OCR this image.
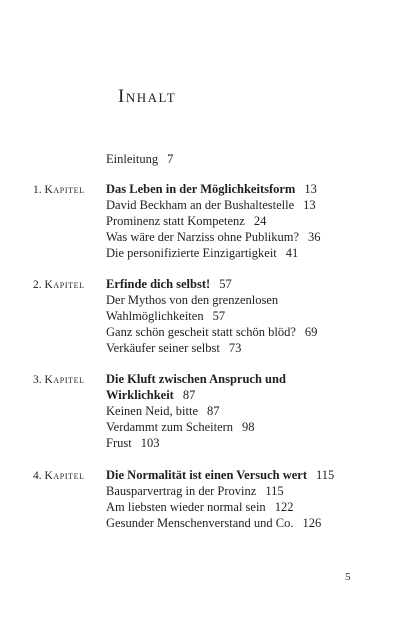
Inhalt
Einleitung 7
1. Kapitel	Das Leben in der Möglichkeitsform 13
David Beckham an der Bushaltestelle 13
Prominenz statt Kompetenz 24
Was wäre der Narziss ohne Publikum? 36
Die personifizierte Einzigartigkeit 41
2. Kapitel	Erfinde dich selbst! 57
Der Mythos von den grenzenlosen
Wahlmöglichkeiten 57
Ganz schön gescheit statt schön blöd? 69
Verkäufer seiner selbst 73
3. Kapitel	Die Kluft zwischen Anspruch und
Wirklichkeit 87
Keinen Neid, bitte 87
Verdammt zum Scheitern 98
Frust 103
4. Kapitel	Die Normalität ist einen Versuch wert 115
Bausparvertrag in der Provinz 115
Am liebsten wieder normal sein 122
Gesunder Menschenverstand und Co. 126
5
